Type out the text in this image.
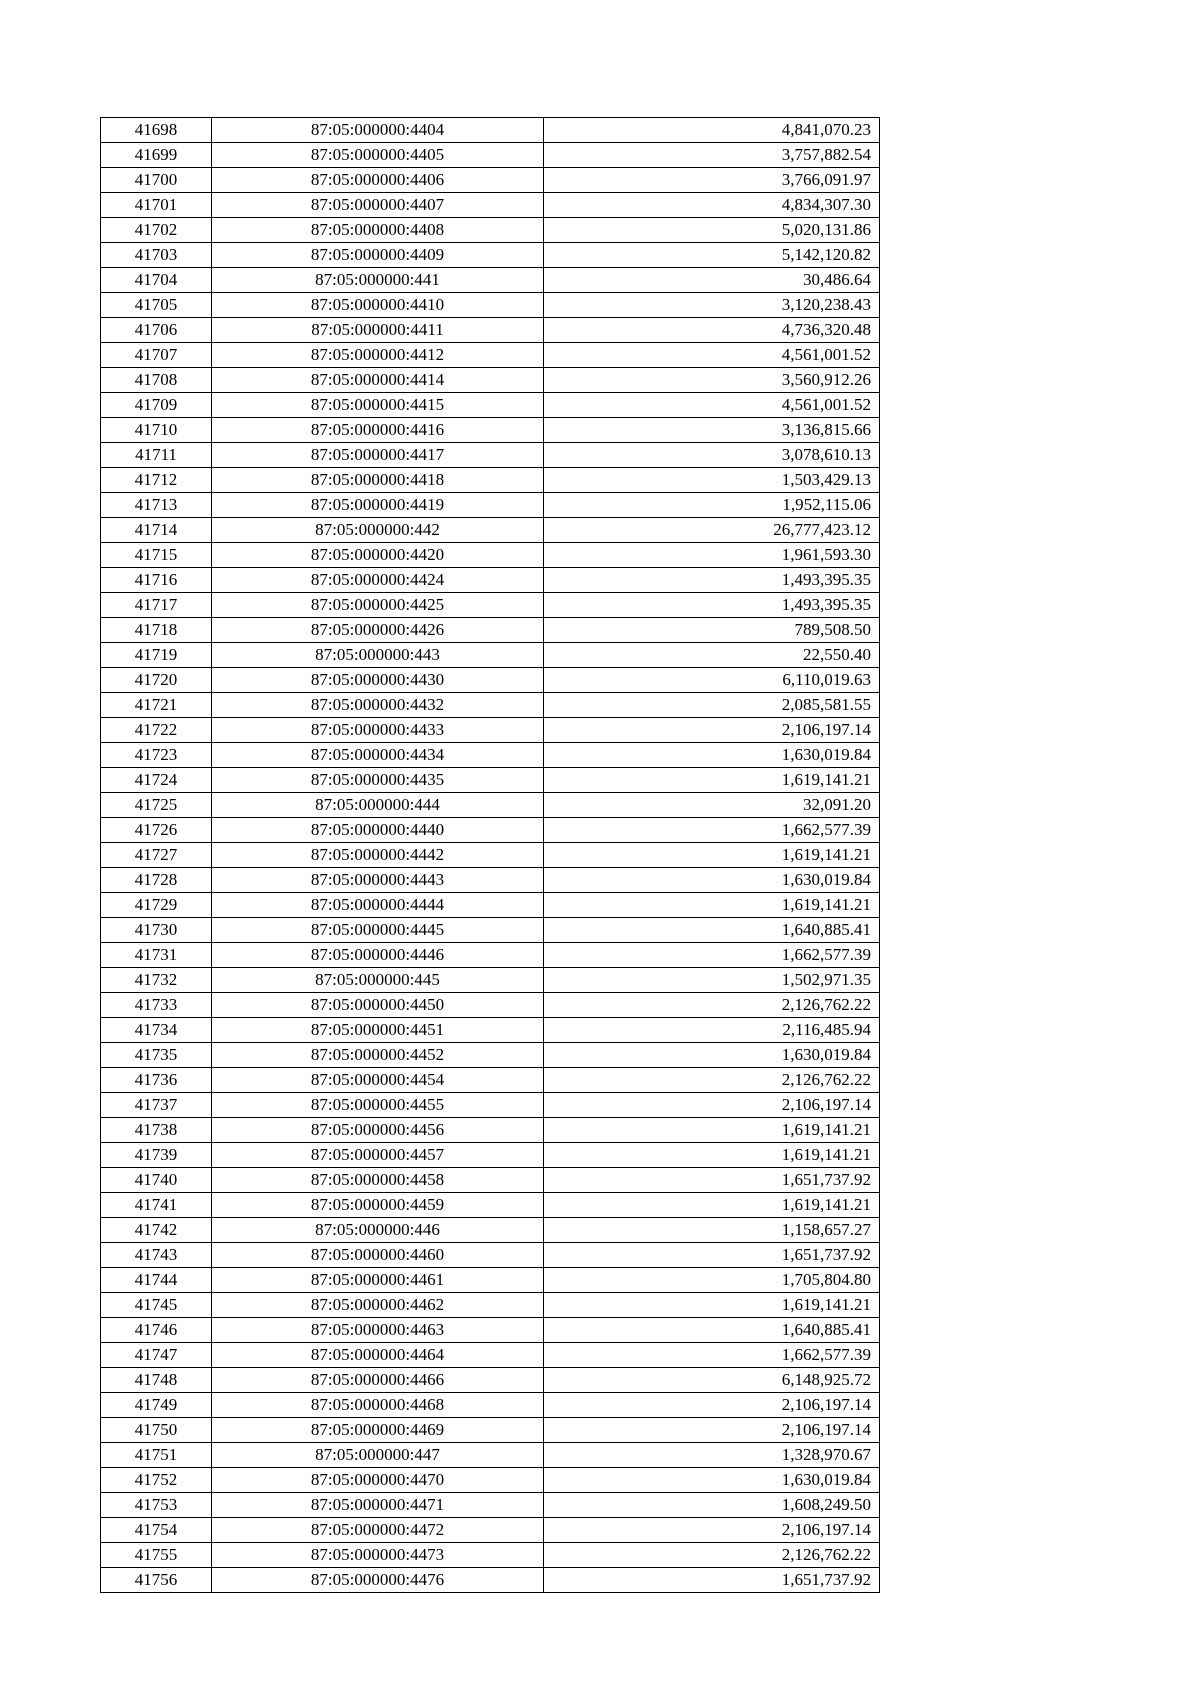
41698	87:05:000000:4404	4,841,070.23
41699	87:05:000000:4405	3,757,882.54
41700	87:05:000000:4406	3,766,091.97
41701	87:05:000000:4407	4,834,307.30
41702	87:05:000000:4408	5,020,131.86
41703	87:05:000000:4409	5,142,120.82
41704	87:05:000000:441	30,486.64
41705	87:05:000000:4410	3,120,238.43
41706	87:05:000000:4411	4,736,320.48
41707	87:05:000000:4412	4,561,001.52
41708	87:05:000000:4414	3,560,912.26
41709	87:05:000000:4415	4,561,001.52
41710	87:05:000000:4416	3,136,815.66
41711	87:05:000000:4417	3,078,610.13
41712	87:05:000000:4418	1,503,429.13
41713	87:05:000000:4419	1,952,115.06
41714	87:05:000000:442	26,777,423.12
41715	87:05:000000:4420	1,961,593.30
41716	87:05:000000:4424	1,493,395.35
41717	87:05:000000:4425	1,493,395.35
41718	87:05:000000:4426	789,508.50
41719	87:05:000000:443	22,550.40
41720	87:05:000000:4430	6,110,019.63
41721	87:05:000000:4432	2,085,581.55
41722	87:05:000000:4433	2,106,197.14
41723	87:05:000000:4434	1,630,019.84
41724	87:05:000000:4435	1,619,141.21
41725	87:05:000000:444	32,091.20
41726	87:05:000000:4440	1,662,577.39
41727	87:05:000000:4442	1,619,141.21
41728	87:05:000000:4443	1,630,019.84
41729	87:05:000000:4444	1,619,141.21
41730	87:05:000000:4445	1,640,885.41
41731	87:05:000000:4446	1,662,577.39
41732	87:05:000000:445	1,502,971.35
41733	87:05:000000:4450	2,126,762.22
41734	87:05:000000:4451	2,116,485.94
41735	87:05:000000:4452	1,630,019.84
41736	87:05:000000:4454	2,126,762.22
41737	87:05:000000:4455	2,106,197.14
41738	87:05:000000:4456	1,619,141.21
41739	87:05:000000:4457	1,619,141.21
41740	87:05:000000:4458	1,651,737.92
41741	87:05:000000:4459	1,619,141.21
41742	87:05:000000:446	1,158,657.27
41743	87:05:000000:4460	1,651,737.92
41744	87:05:000000:4461	1,705,804.80
41745	87:05:000000:4462	1,619,141.21
41746	87:05:000000:4463	1,640,885.41
41747	87:05:000000:4464	1,662,577.39
41748	87:05:000000:4466	6,148,925.72
41749	87:05:000000:4468	2,106,197.14
41750	87:05:000000:4469	2,106,197.14
41751	87:05:000000:447	1,328,970.67
41752	87:05:000000:4470	1,630,019.84
41753	87:05:000000:4471	1,608,249.50
41754	87:05:000000:4472	2,106,197.14
41755	87:05:000000:4473	2,126,762.22
41756	87:05:000000:4476	1,651,737.92
